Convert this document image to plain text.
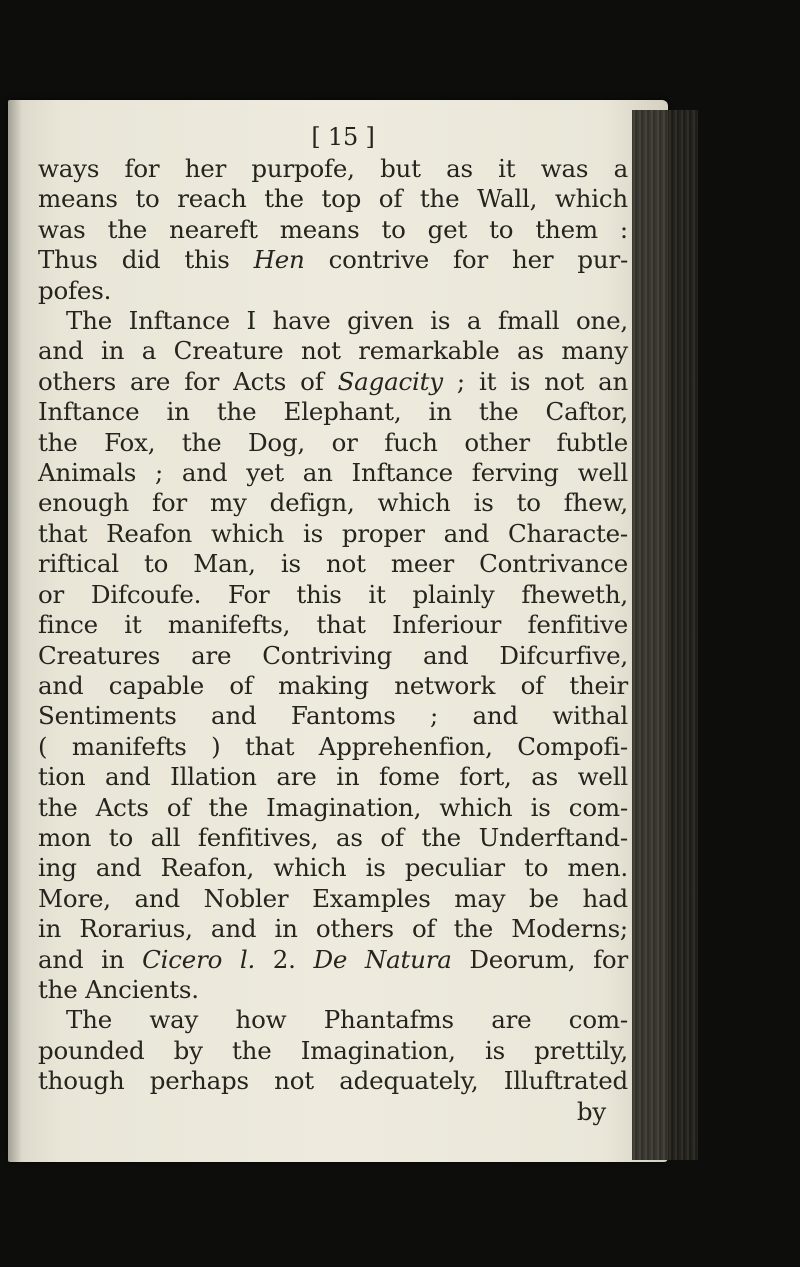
[ 15 ]
ways for her purpofe, but as it was a
means to reach the top of the Wall, which
was the neareft means to get to them :
Thus did this Hen contrive for her pur-
pofes.
The Inftance I have given is a fmall one,
and in a Creature not remarkable as many
others are for Acts of Sagacity ; it is not an
Inftance in the Elephant, in the Caftor,
the Fox, the Dog, or fuch other fubtle
Animals ; and yet an Inftance ferving well
enough for my defign, which is to fhew,
that Reafon which is proper and Characte-
riftical to Man, is not meer Contrivance
or Difcoufe. For this it plainly fheweth,
fince it manifefts, that Inferiour fenfitive
Creatures are Contriving and Difcurfive,
and capable of making network of their
Sentiments and Fantoms ; and withal
( manifefts ) that Apprehenfion, Compofi-
tion and Illation are in fome fort, as well
the Acts of the Imagination, which is com-
mon to all fenfitives, as of the Underftand-
ing and Reafon, which is peculiar to men.
More, and Nobler Examples may be had
in Rorarius, and in others of the Moderns;
and in Cicero l. 2. De Natura Deorum, for
the Ancients.
The way how Phantafms are com-
pounded by the Imagination, is prettily,
though perhaps not adequately, Illuftrated
by
